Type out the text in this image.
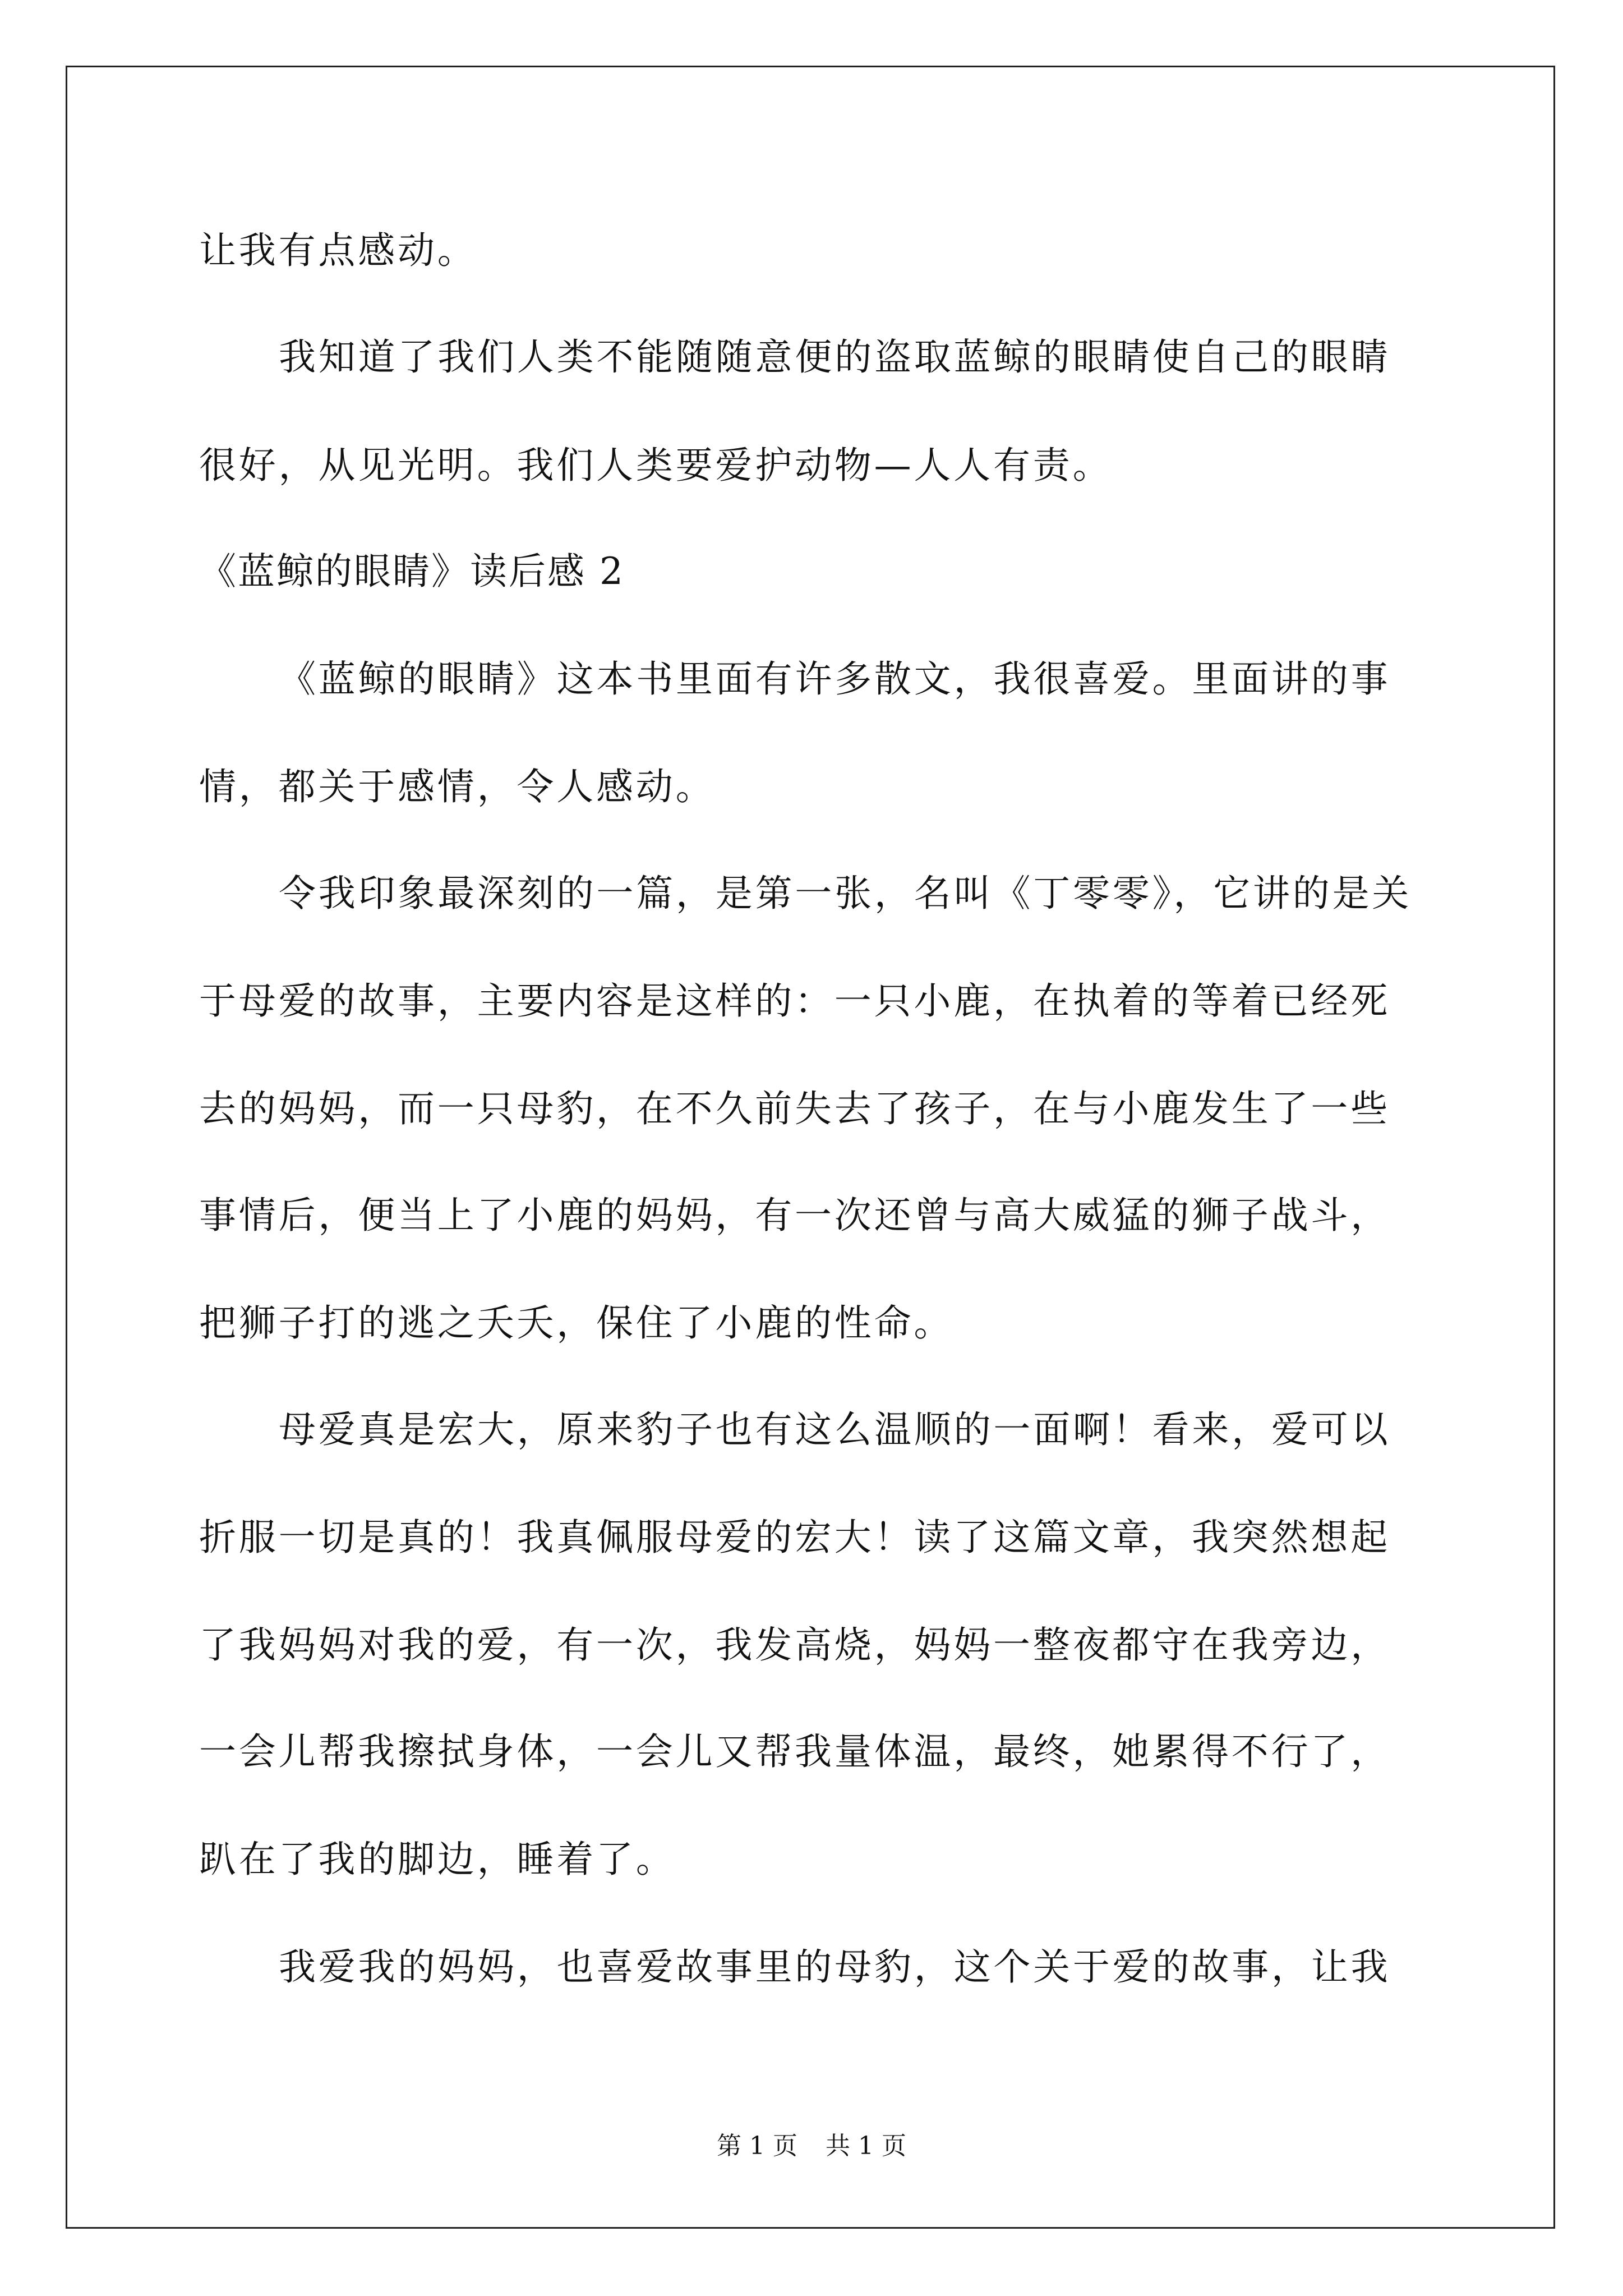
让我有点感动。
我知道了我们人类不能随随意便的盗取蓝鲸的眼睛使自己的眼睛
很好，从见光明。我们人类要爱护动物—人人有责。
《蓝鲸的眼睛》读后感 2
《蓝鲸的眼睛》这本书里面有许多散文，我很喜爱。里面讲的事
情，都关于感情，令人感动。
令我印象最深刻的一篇，是第一张，名叫《丁零零》，它讲的是关
于母爱的故事，主要内容是这样的：一只小鹿，在执着的等着已经死
去的妈妈，而一只母豹，在不久前失去了孩子，在与小鹿发生了一些
事情后，便当上了小鹿的妈妈，有一次还曾与高大威猛的狮子战斗，
把狮子打的逃之夭夭，保住了小鹿的性命。
母爱真是宏大，原来豹子也有这么温顺的一面啊！看来，爱可以
折服一切是真的！我真佩服母爱的宏大！读了这篇文章，我突然想起
了我妈妈对我的爱，有一次，我发高烧，妈妈一整夜都守在我旁边，
一会儿帮我擦拭身体，一会儿又帮我量体温，最终，她累得不行了，
趴在了我的脚边，睡着了。
我爱我的妈妈，也喜爱故事里的母豹，这个关于爱的故事，让我
第 1 页 共 1 页
